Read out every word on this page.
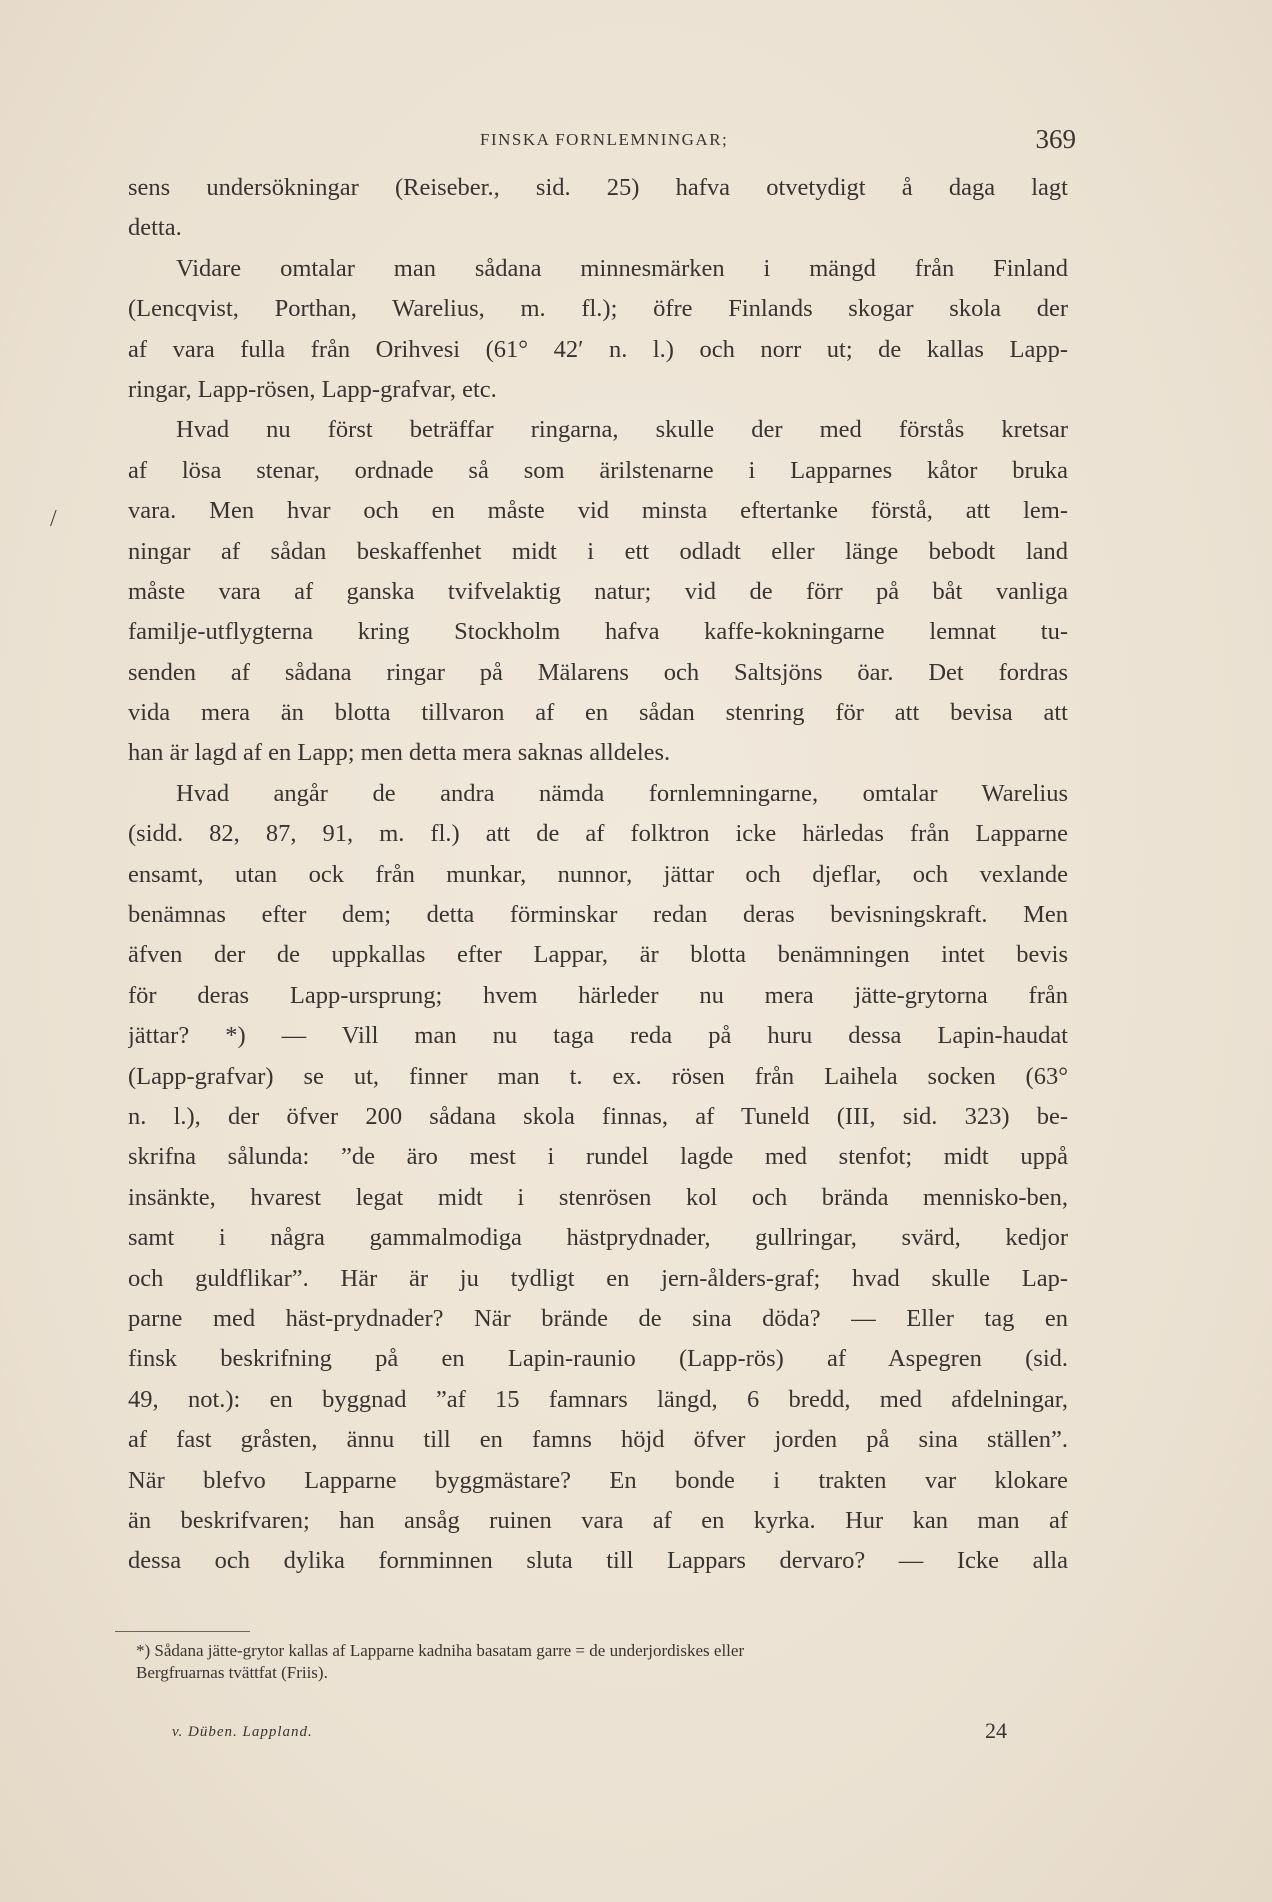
FINSKA FORNLEMNINGAR;	369
/
sens undersökningar (Reiseber., sid. 25) hafva otvetydigt å daga lagt
detta.
Vidare omtalar man sådana minnesmärken i mängd från Finland
(Lencqvist, Porthan, Warelius, m. fl.); öfre Finlands skogar skola der
af vara fulla från Orihvesi (61° 42′ n. l.) och norr ut; de kallas Lapp-
ringar, Lapp-rösen, Lapp-grafvar, etc.
Hvad nu först beträffar ringarna, skulle der med förstås kretsar
af lösa stenar, ordnade så som ärilstenarne i Lapparnes kåtor bruka
vara. Men hvar och en måste vid minsta eftertanke förstå, att lem-
ningar af sådan beskaffenhet midt i ett odladt eller länge bebodt land
måste vara af ganska tvifvelaktig natur; vid de förr på båt vanliga
familje-utflygterna kring Stockholm hafva kaffe-kokningarne lemnat tu-
senden af sådana ringar på Mälarens och Saltsjöns öar. Det fordras
vida mera än blotta tillvaron af en sådan stenring för att bevisa att
han är lagd af en Lapp; men detta mera saknas alldeles.
Hvad angår de andra nämda fornlemningarne, omtalar Warelius
(sidd. 82, 87, 91, m. fl.) att de af folktron icke härledas från Lapparne
ensamt, utan ock från munkar, nunnor, jättar och djeflar, och vexlande
benämnas efter dem; detta förminskar redan deras bevisningskraft. Men
äfven der de uppkallas efter Lappar, är blotta benämningen intet bevis
för deras Lapp-ursprung; hvem härleder nu mera jätte-grytorna från
jättar? *) — Vill man nu taga reda på huru dessa Lapin-haudat
(Lapp-grafvar) se ut, finner man t. ex. rösen från Laihela socken (63°
n. l.), der öfver 200 sådana skola finnas, af Tuneld (III, sid. 323) be-
skrifna sålunda: ”de äro mest i rundel lagde med stenfot; midt uppå
insänkte, hvarest legat midt i stenrösen kol och brända mennisko-ben,
samt i några gammalmodiga hästprydnader, gullringar, svärd, kedjor
och guldflikar”. Här är ju tydligt en jern-ålders-graf; hvad skulle Lap-
parne med häst-prydnader? När brände de sina döda? — Eller tag en
finsk beskrifning på en Lapin-raunio (Lapp-rös) af Aspegren (sid.
49, not.): en byggnad ”af 15 famnars längd, 6 bredd, med afdelningar,
af fast gråsten, ännu till en famns höjd öfver jorden på sina ställen”.
När blefvo Lapparne byggmästare? En bonde i trakten var klokare
än beskrifvaren; han ansåg ruinen vara af en kyrka. Hur kan man af
dessa och dylika fornminnen sluta till Lappars dervaro? — Icke alla
*) Sådana jätte-grytor kallas af Lapparne kadniha basatam garre = de underjordiskes eller
Bergfruarnas tvättfat (Friis).
v. Düben. Lappland.	24
